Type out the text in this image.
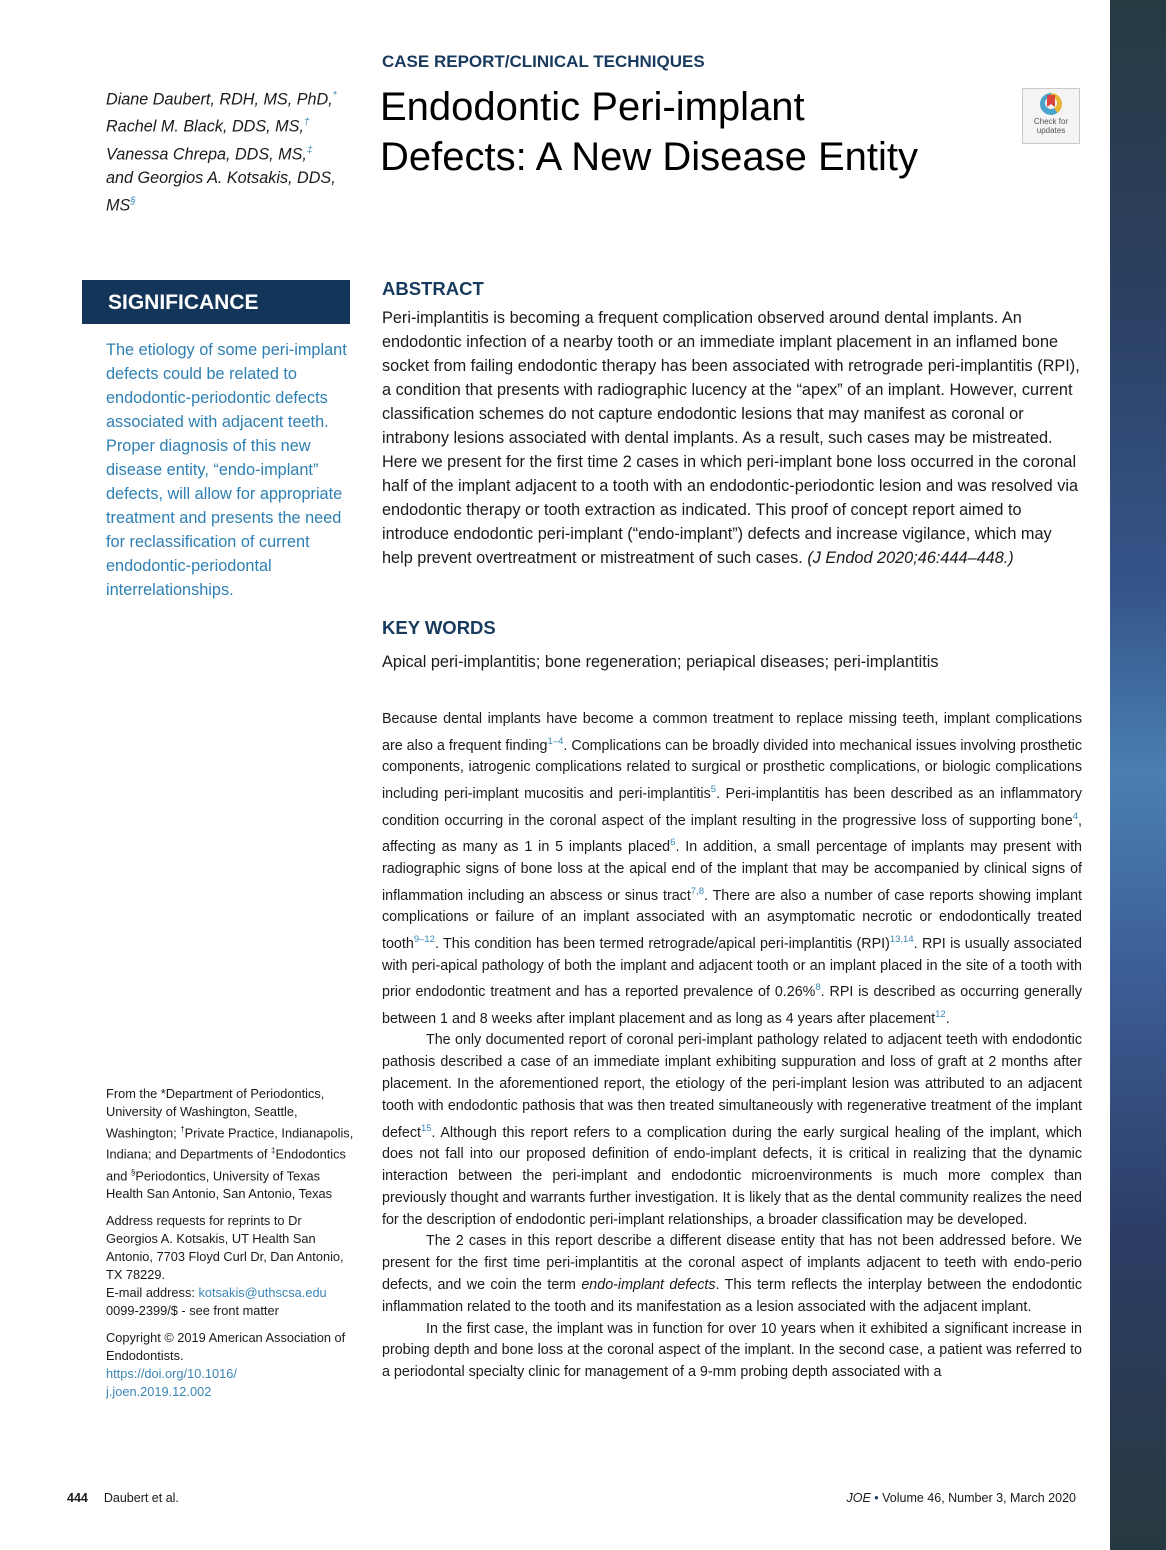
Diane Daubert, RDH, MS, PhD,*
Rachel M. Black, DDS, MS,†
Vanessa Chrepa, DDS, MS,‡
and Georgios A. Kotsakis, DDS, MS§
CASE REPORT/CLINICAL TECHNIQUES
Endodontic Peri-implant
Defects: A New Disease Entity
Check for
updates
SIGNIFICANCE
The etiology of some peri-implant defects could be related to endodontic-periodontic defects associated with adjacent teeth. Proper diagnosis of this new disease entity, “endo-implant” defects, will allow for appropriate treatment and presents the need for reclassification of current endodontic-periodontal interrelationships.
ABSTRACT
Peri-implantitis is becoming a frequent complication observed around dental implants. An endodontic infection of a nearby tooth or an immediate implant placement in an inflamed bone socket from failing endodontic therapy has been associated with retrograde peri-implantitis (RPI), a condition that presents with radiographic lucency at the “apex” of an implant. However, current classification schemes do not capture endodontic lesions that may manifest as coronal or intrabony lesions associated with dental implants. As a result, such cases may be mistreated. Here we present for the first time 2 cases in which peri-implant bone loss occurred in the coronal half of the implant adjacent to a tooth with an endodontic-periodontic lesion and was resolved via endodontic therapy or tooth extraction as indicated. This proof of concept report aimed to introduce endodontic peri-implant (“endo-implant”) defects and increase vigilance, which may help prevent overtreatment or mistreatment of such cases. (J Endod 2020;46:444–448.)
KEY WORDS
Apical peri-implantitis; bone regeneration; periapical diseases; peri-implantitis

Because dental implants have become a common treatment to replace missing teeth, implant complications are also a frequent finding$^{1-4}$. Complications can be broadly divided into mechanical issues involving prosthetic components, iatrogenic complications related to surgical or prosthetic complications, or biologic complications including peri-implant mucositis and peri-implantitis$^5$. Peri-implantitis has been described as an inflammatory condition occurring in the coronal aspect of the implant resulting in the progressive loss of supporting bone$^4$, affecting as many as 1 in 5 implants placed$^6$. In addition, a small percentage of implants may present with radiographic signs of bone loss at the apical end of the implant that may be accompanied by clinical signs of inflammation including an abscess or sinus tract$^{7,8}$. There are also a number of case reports showing implant complications or failure of an implant associated with an asymptomatic necrotic or endodontically treated tooth$^{9-12}$. This condition has been termed retrograde/apical peri-implantitis (RPI)$^{13,14}$. RPI is usually associated with peri-apical pathology of both the implant and adjacent tooth or an implant placed in the site of a tooth with prior endodontic treatment and has a reported prevalence of 0.26%$^8$. RPI is described as occurring generally between 1 and 8 weeks after implant placement and as long as 4 years after placement$^{12}$.

The only documented report of coronal peri-implant pathology related to adjacent teeth with endodontic pathosis described a case of an immediate implant exhibiting suppuration and loss of graft at 2 months after placement. In the aforementioned report, the etiology of the peri-implant lesion was attributed to an adjacent tooth with endodontic pathosis that was then treated simultaneously with regenerative treatment of the implant defect$^{15}$. Although this report refers to a complication during the early surgical healing of the implant, which does not fall into our proposed definition of endo-implant defects, it is critical in realizing that the dynamic interaction between the peri-implant and endodontic microenvironments is much more complex than previously thought and warrants further investigation. It is likely that as the dental community realizes the need for the description of endodontic peri-implant relationships, a broader classification may be developed.

The 2 cases in this report describe a different disease entity that has not been addressed before. We present for the first time peri-implantitis at the coronal aspect of implants adjacent to teeth with endo-perio defects, and we coin the term endo-implant defects. This term reflects the interplay between the endodontic inflammation related to the tooth and its manifestation as a lesion associated with the adjacent implant.

In the first case, the implant was in function for over 10 years when it exhibited a significant increase in probing depth and bone loss at the coronal aspect of the implant. In the second case, a patient was referred to a periodontal specialty clinic for management of a 9-mm probing depth associated with a

From the *Department of Periodontics, University of Washington, Seattle, Washington; †Private Practice, Indianapolis, Indiana; and Departments of ‡Endodontics and §Periodontics, University of Texas Health San Antonio, San Antonio, Texas

Address requests for reprints to Dr Georgios A. Kotsakis, UT Health San Antonio, 7703 Floyd Curl Dr, Dan Antonio, TX 78229.
E-mail address: kotsakis@uthscsa.edu
0099-2399/$ - see front matter

Copyright © 2019 American Association of Endodontists.
https://doi.org/10.1016/
j.joen.2019.12.002

444 Daubert et al.	JOE • Volume 46, Number 3, March 2020
